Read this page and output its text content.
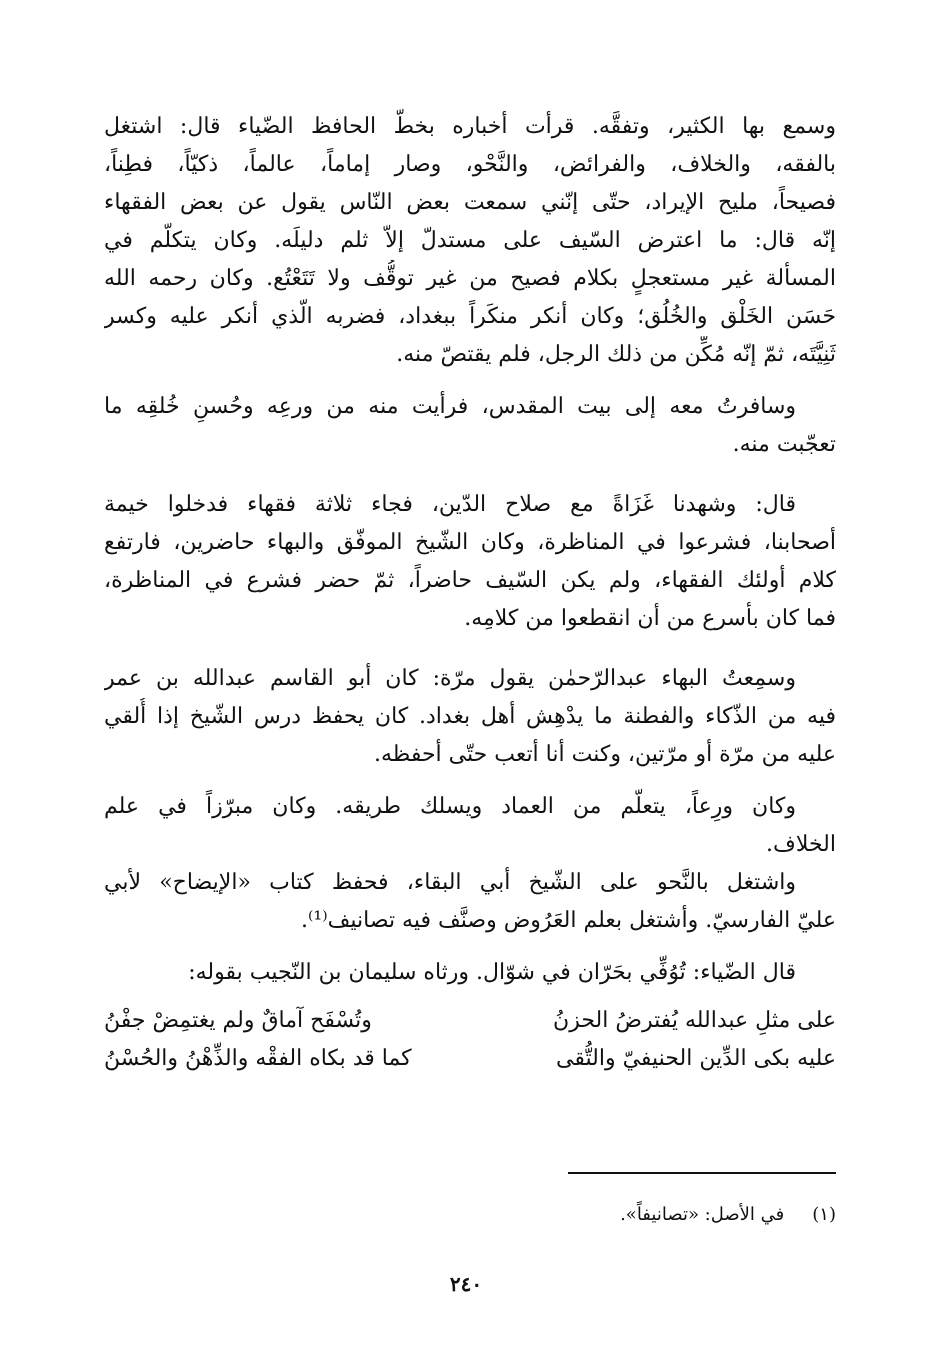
وسمع بها الكثير، وتفقَّه. قرأت أخباره بخطّ الحافظ الضّياء قال: اشتغل
بالفقه، والخلاف، والفرائض، والنَّحْو، وصار إماماً، عالماً، ذكيّاً، فطِناً،
فصيحاً، مليح الإيراد، حتّى إنّني سمعت بعض النّاس يقول عن بعض الفقهاء
إنّه قال: ما اعترض السّيف على مستدلّ إلاّ ثلم دليلَه. وكان يتكلّم في
المسألة غير مستعجلٍ بكلام فصيح من غير توقُّف ولا تَتَعْتُع. وكان رحمه الله
حَسَن الخَلْق والخُلُق؛ وكان أنكر منكَراً ببغداد، فضربه الّذي أنكر عليه وكسر
ثَنِيَّتَه، ثمّ إنّه مُكِّن من ذلك الرجل، فلم يقتصّ منه.
وسافرتُ معه إلى بيت المقدس، فرأيت منه من ورعِه وحُسنِ خُلقِه ما
تعجّبت منه.
قال: وشهدنا غَزَاةً مع صلاح الدّين، فجاء ثلاثة فقهاء فدخلوا خيمة
أصحابنا، فشرعوا في المناظرة، وكان الشّيخ الموفّق والبهاء حاضرين، فارتفع
كلام أولئك الفقهاء، ولم يكن السّيف حاضراً، ثمّ حضر فشرع في المناظرة،
فما كان بأسرع من أن انقطعوا من كلامِه.
وسمِعتُ البهاء عبدالرّحمٰن يقول مرّة: كان أبو القاسم عبدالله بن عمر
فيه من الذّكاء والفطنة ما يدْهِش أهل بغداد. كان يحفظ درس الشّيخ إذا أُلقي
عليه من مرّة أو مرّتين، وكنت أنا أتعب حتّى أحفظه.
وكان ورِعاً، يتعلّم من العماد ويسلك طريقه. وكان مبرّزاً في علم
الخلاف.
واشتغل بالنَّحو على الشّيخ أبي البقاء، فحفظ كتاب «الإيضاح» لأبي
عليّ الفارسيّ. وأشتغل بعلم العَرُوض وصنَّف فيه تصانيف⁽¹⁾.
قال الضّياء: تُوُفِّي بحَرّان في شوّال. ورثاه سليمان بن النّجيب بقوله:
على مثلِ عبدالله يُفترضُ الحزنُ
وتُسْفَح آماقٌ ولم يغتمِضْ جفْنُ
عليه بكى الدِّين الحنيفيّ والتُّقى
كما قد بكاه الفقْه والذِّهْنُ والحُسْنُ
(١)في الأصل: «تصانيفاً».
٢٤٠
